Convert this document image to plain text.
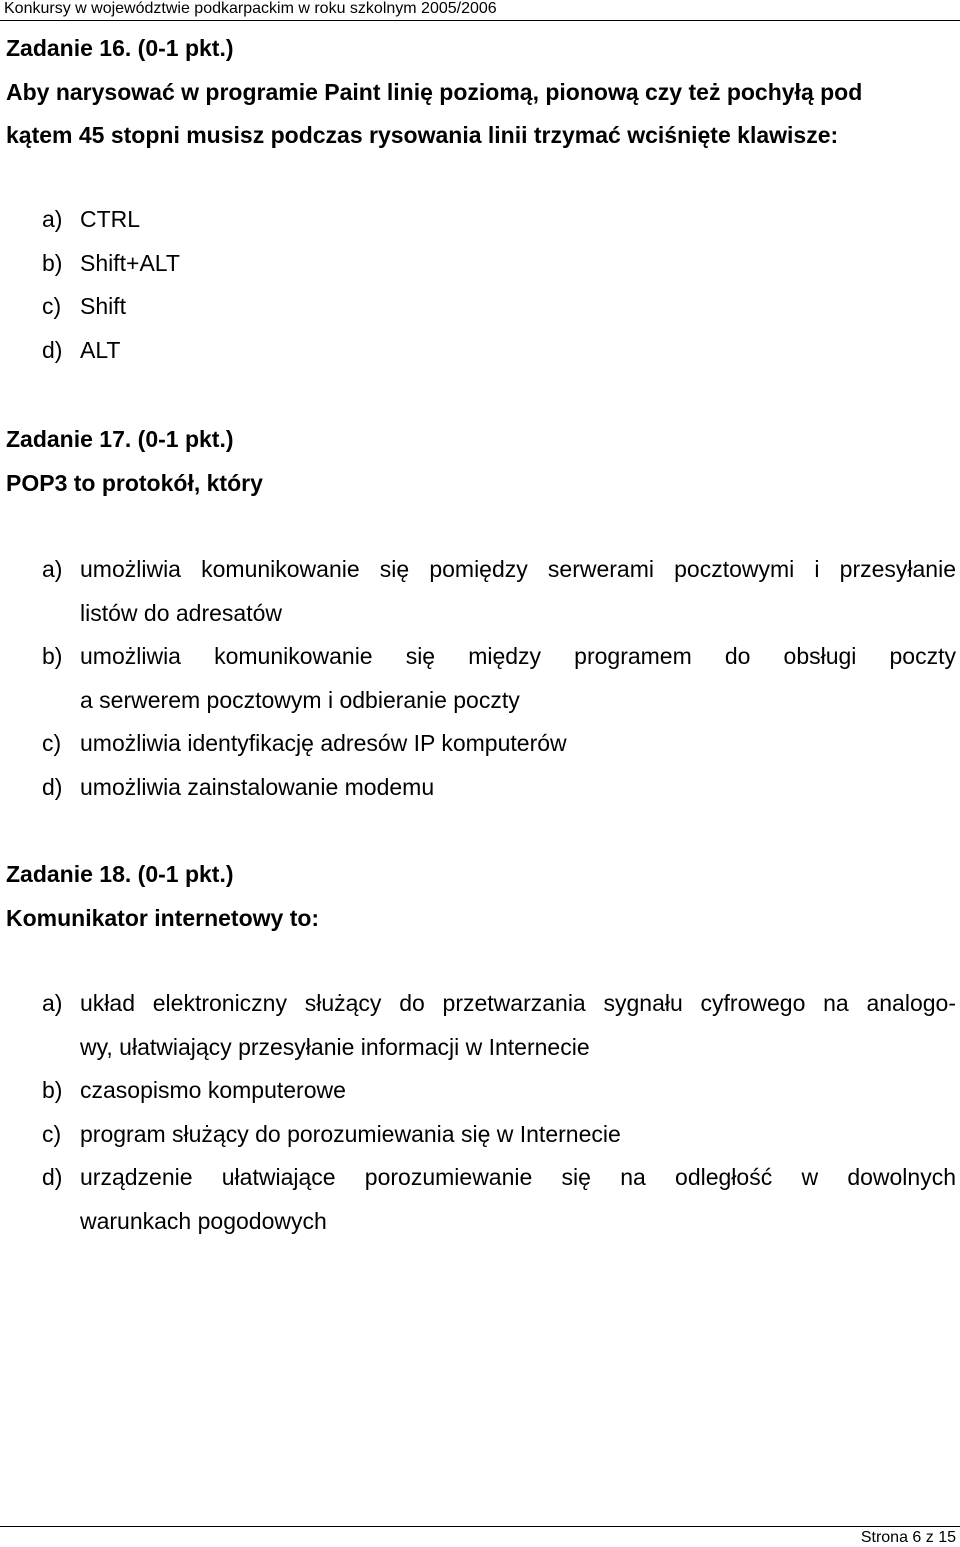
Konkursy w województwie podkarpackim w roku szkolnym 2005/2006
Zadanie 16. (0-1 pkt.)
Aby narysować w programie Paint linię poziomą, pionową czy też pochyłą pod
kątem 45 stopni musisz podczas rysowania linii trzymać wciśnięte klawisze:
a) CTRL
b) Shift+ALT
c) Shift
d) ALT
Zadanie 17. (0-1 pkt.)
POP3 to protokół, który
a) umożliwia komunikowanie się pomiędzy serwerami pocztowymi i przesyłanie
listów do adresatów
b) umożliwia komunikowanie się między programem do obsługi poczty
a serwerem pocztowym i odbieranie poczty
c) umożliwia identyfikację adresów IP komputerów
d) umożliwia zainstalowanie modemu
Zadanie 18. (0-1 pkt.)
Komunikator internetowy to:
a) układ elektroniczny służący do przetwarzania sygnału cyfrowego na analogo-
wy, ułatwiający przesyłanie informacji w Internecie
b) czasopismo komputerowe
c) program służący do porozumiewania się w Internecie
d) urządzenie ułatwiające porozumiewanie się na odległość w dowolnych
warunkach pogodowych
Strona 6 z 15
